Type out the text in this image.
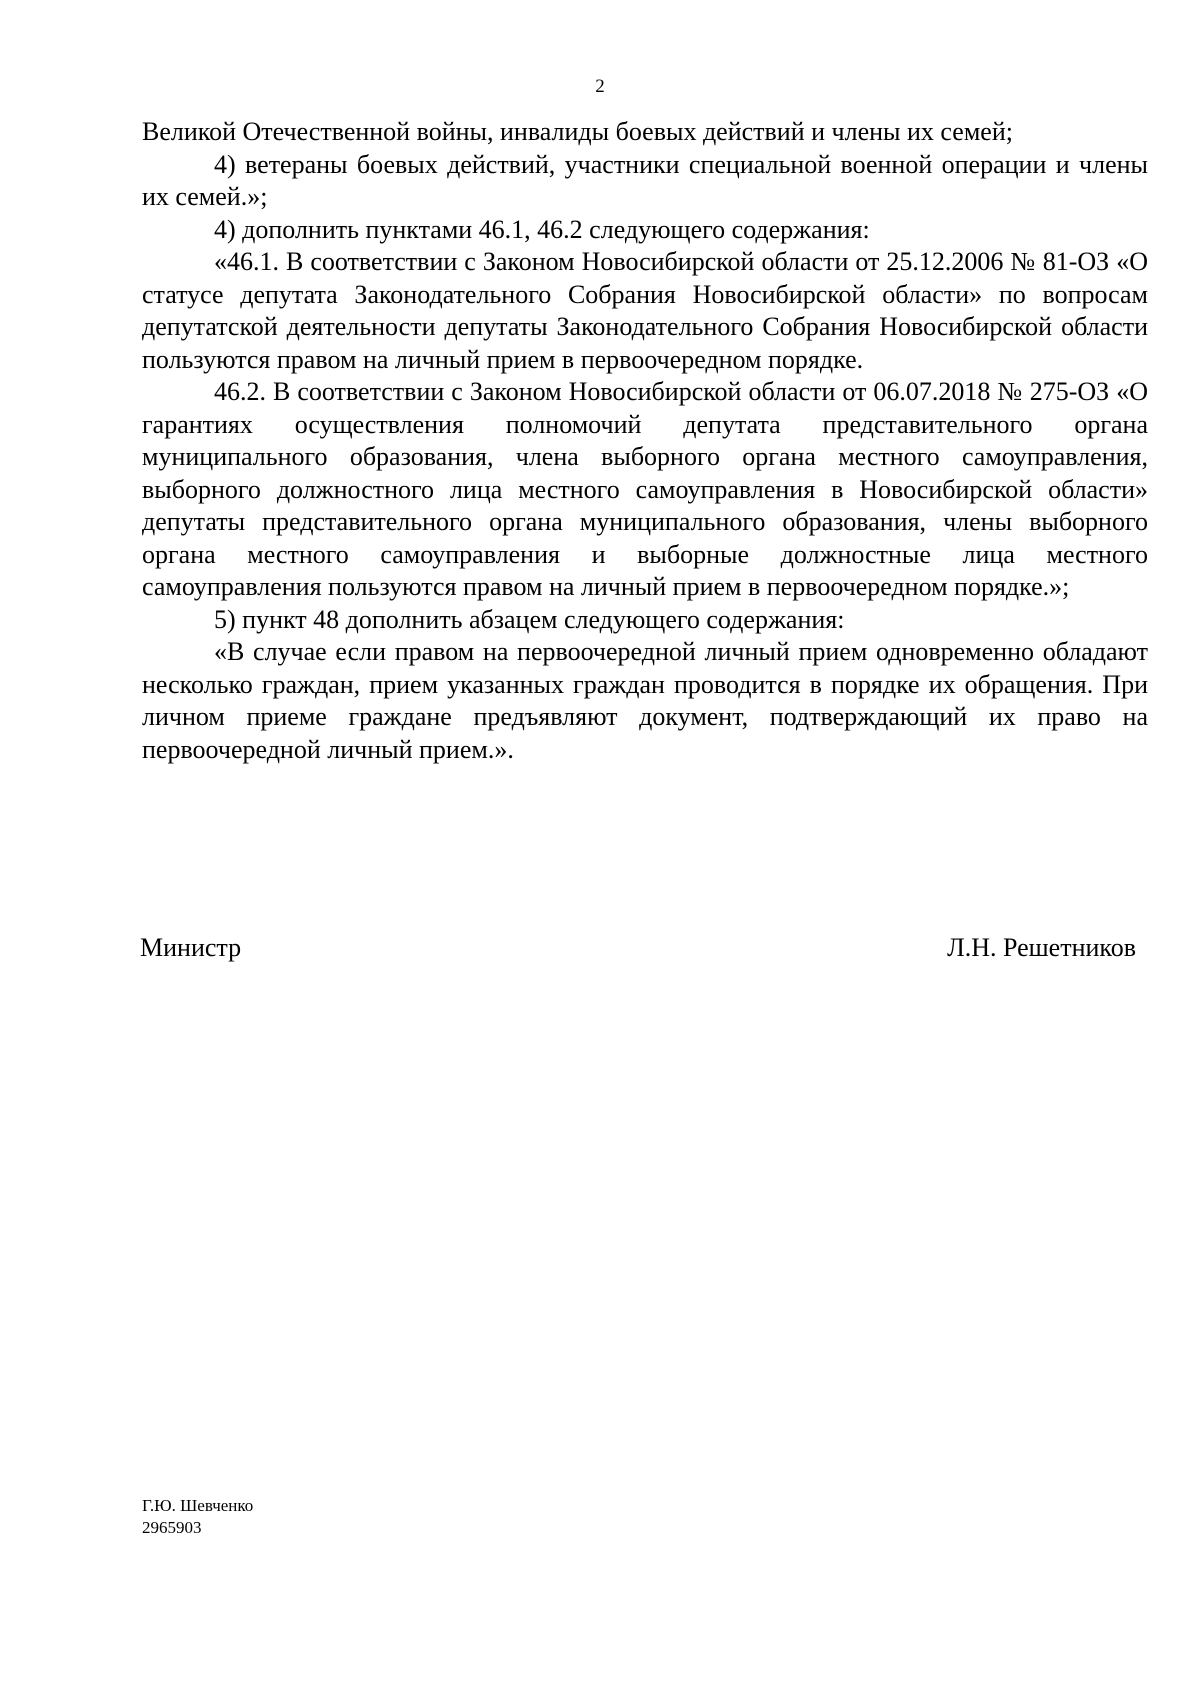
2

Великой Отечественной войны, инвалиды боевых действий и члены их семей;

4) ветераны боевых действий, участники специальной военной операции и члены их семей.»;

4) дополнить пунктами 46.1, 46.2 следующего содержания:

«46.1. В соответствии с Законом Новосибирской области от 25.12.2006 № 81-ОЗ «О статусе депутата Законодательного Собрания Новосибирской области» по вопросам депутатской деятельности депутаты Законодательного Собрания Новосибирской области пользуются правом на личный прием в первоочередном порядке.

46.2. В соответствии с Законом Новосибирской области от 06.07.2018 № 275-ОЗ «О гарантиях осуществления полномочий депутата представительного органа муниципального образования, члена выборного органа местного самоуправления, выборного должностного лица местного самоуправления в Новосибирской области» депутаты представительного органа муниципального образования, члены выборного органа местного самоуправления и выборные должностные лица местного самоуправления пользуются правом на личный прием в первоочередном порядке.»;

5) пункт 48 дополнить абзацем следующего содержания:

«В случае если правом на первоочередной личный прием одновременно обладают несколько граждан, прием указанных граждан проводится в порядке их обращения. При личном приеме граждане предъявляют документ, подтверждающий их право на первоочередной личный прием.».

Министр	Л.Н. Решетников
Г.Ю. Шевченко
2965903
